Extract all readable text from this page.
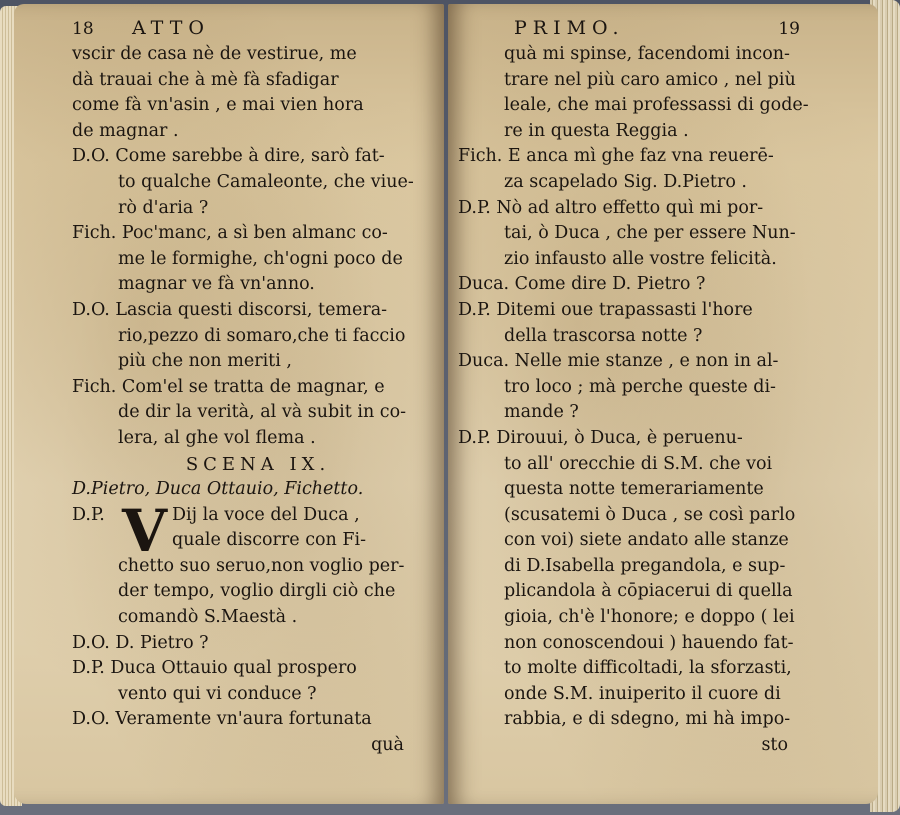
18 ATTO
vscir de casa nè de vestirue, me
dà trauai che à mè fà sfadigar
come fà vn'asin , e mai vien hora
de magnar .
D.O. Come sarebbe à dire, sarò fat-
to qualche Camaleonte, che viue-
rò d'aria ?
Fich. Poc'manc, a sì ben almanc co-
me le formighe, ch'ogni poco de
magnar ve fà vn'anno.
D.O. Lascia questi discorsi, temera-
rio,pezzo di somaro,che ti faccio
più che non meriti ,
Fich. Com'el se tratta de magnar, e
de dir la verità, al và subit in co-
lera, al ghe vol flema .
SCENA IX.
D.Pietro, Duca Ottauio, Fichetto.
D.P. V Dij la voce del Duca ,
quale discorre con Fi-
chetto suo seruo,non voglio per-
der tempo, voglio dirgli ciò che
comandò S.Maestà .
D.O. D. Pietro ?
D.P. Duca Ottauio qual prospero
vento qui vi conduce ?
D.O. Veramente vn'aura fortunata
quà
PRIMO.	19
quà mi spinse, facendomi incon-
trare nel più caro amico , nel più
leale, che mai professassi di gode-
re in questa Reggia .
Fich. E anca mì ghe faz vna reuerē-
za scapelado Sig. D.Pietro .
D.P. Nò ad altro effetto quì mi por-
tai, ò Duca , che per essere Nun-
zio infausto alle vostre felicità.
Duca. Come dire D. Pietro ?
D.P. Ditemi oue trapassasti l'hore
della trascorsa notte ?
Duca. Nelle mie stanze , e non in al-
tro loco ; mà perche queste di-
mande ?
D.P. Dirouui, ò Duca, è peruenu-
to all' orecchie di S.M. che voi
questa notte temerariamente
(scusatemi ò Duca , se così parlo
con voi) siete andato alle stanze
di D.Isabella pregandola, e sup-
plicandola à cōpiacerui di quella
gioia, ch'è l'honore; e doppo ( lei
non conoscendoui ) hauendo fat-
to molte difficoltadi, la sforzasti,
onde S.M. inuiperito il cuore di
rabbia, e di sdegno, mi hà impo-
sto
